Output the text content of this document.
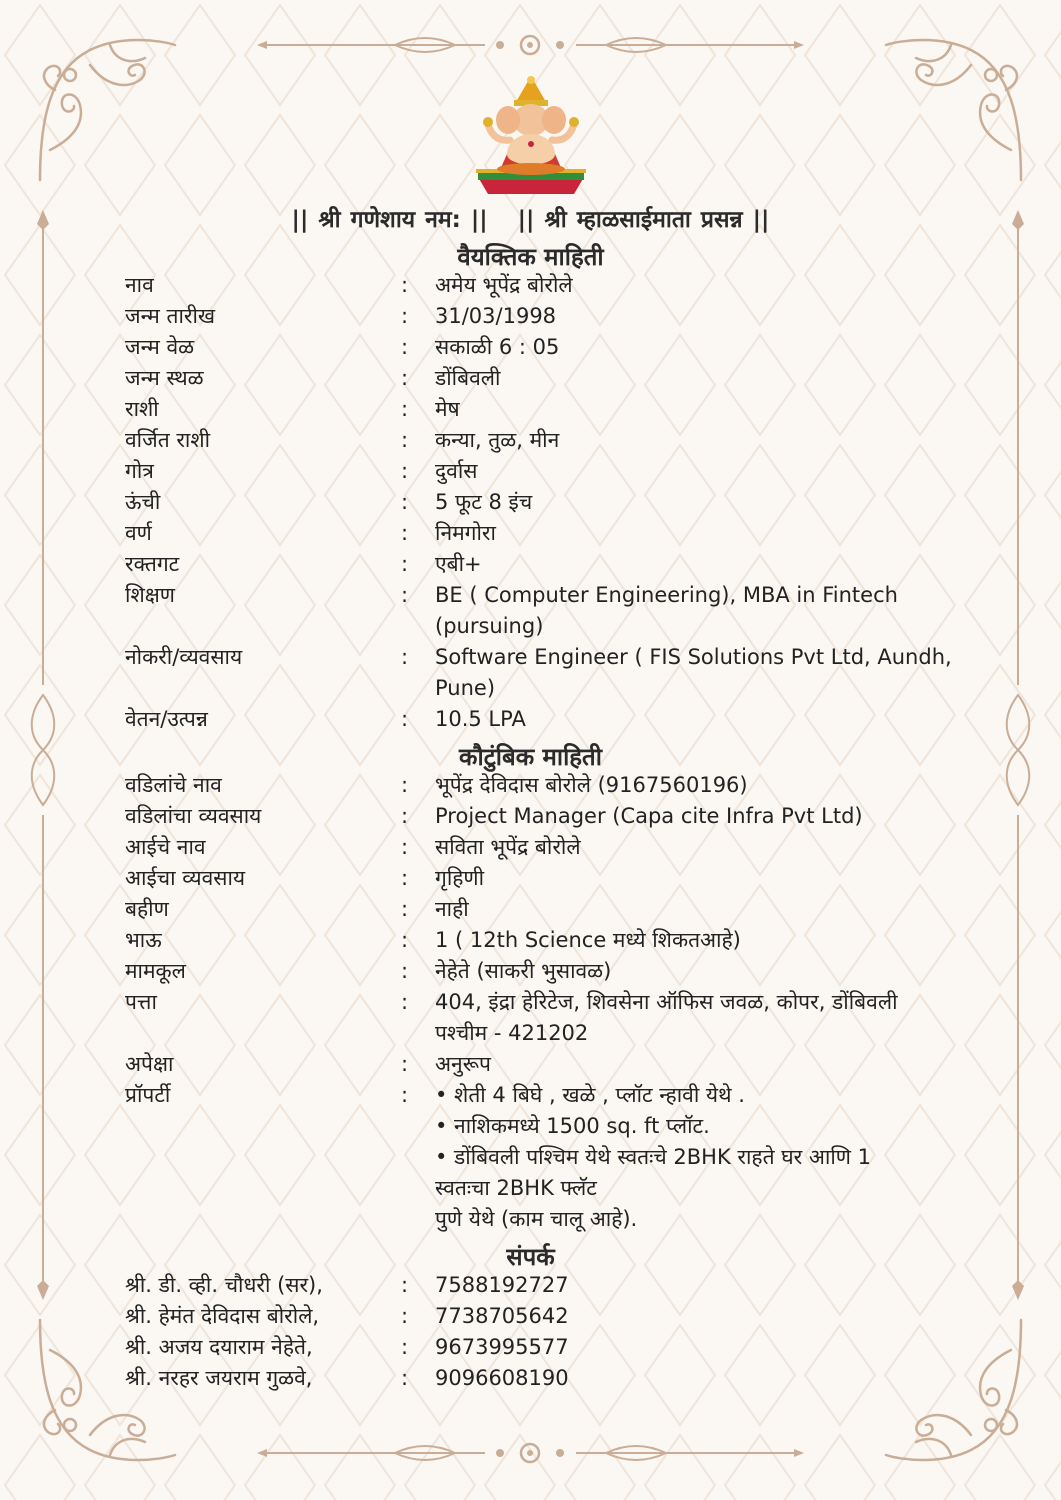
|| श्री गणेशाय नम: || || श्री म्हाळसाईमाता प्रसन्न ||
वैयक्तिक माहिती
कौटुंबिक माहिती
संपर्क
नाव	: अमेय भूपेंद्र बोरोले
जन्म तारीख	: 31/03/1998
जन्म वेळ	: सकाळी 6 : 05
जन्म स्थळ	: डोंबिवली
राशी	: मेष
वर्जित राशी	: कन्या, तुळ, मीन
गोत्र	: दुर्वास
ऊंची	: 5 फूट 8 इंच
वर्ण	: निमगोरा
रक्तगट	: एबी+
शिक्षण	: BE ( Computer Engineering), MBA in Fintech
(pursuing)
नोकरी/व्यवसाय	: Software Engineer ( FIS Solutions Pvt Ltd, Aundh,
Pune)
वेतन/उत्पन्न	: 10.5 LPA
वडिलांचे नाव	: भूपेंद्र देविदास बोरोले (9167560196)
वडिलांचा व्यवसाय	: Project Manager (Capa cite Infra Pvt Ltd)
आईचे नाव	: सविता भूपेंद्र बोरोले
आईचा व्यवसाय	: गृहिणी
बहीण	: नाही
भाऊ	: 1 ( 12th Science मध्ये शिकतआहे)
मामकूल	: नेहेते (साकरी भुसावळ)
पत्ता	: 404, इंद्रा हेरिटेज, शिवसेना ऑफिस जवळ, कोपर, डोंबिवली
पश्चीम - 421202
अपेक्षा	: अनुरूप
प्रॉपर्टी	: • शेती 4 बिघे , खळे , प्लॉट न्हावी येथे .
• नाशिकमध्ये 1500 sq. ft प्लॉट.
• डोंबिवली पश्चिम येथे स्वतःचे 2BHK राहते घर आणि 1
स्वतःचा 2BHK फ्लॅट
पुणे येथे (काम चालू आहे).
श्री. डी. व्ही. चौधरी (सर),	: 7588192727
श्री. हेमंत देविदास बोरोले,	: 7738705642
श्री. अजय दयाराम नेहेते,	: 9673995577
श्री. नरहर जयराम गुळवे,	: 9096608190
